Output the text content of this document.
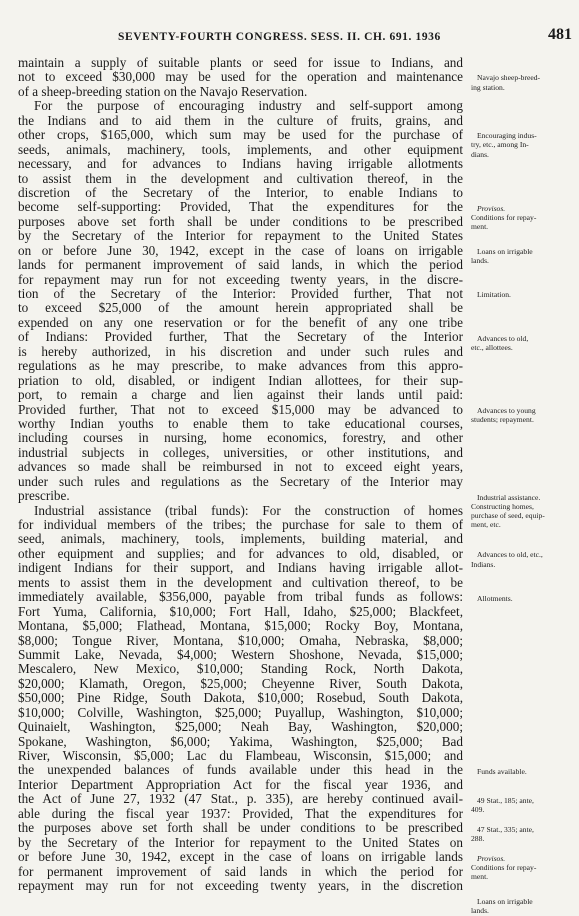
SEVENTY-FOURTH CONGRESS. SESS. II. CH. 691. 1936	481
maintain a supply of suitable plants or seed for issue to Indians, and
not to exceed $30,000 may be used for the operation and maintenance
of a sheep-breeding station on the Navajo Reservation.
For the purpose of encouraging industry and self-support among
the Indians and to aid them in the culture of fruits, grains, and
other crops, $165,000, which sum may be used for the purchase of
seeds, animals, machinery, tools, implements, and other equipment
necessary, and for advances to Indians having irrigable allotments
to assist them in the development and cultivation thereof, in the
discretion of the Secretary of the Interior, to enable Indians to
become self-supporting: Provided, That the expenditures for the
purposes above set forth shall be under conditions to be prescribed
by the Secretary of the Interior for repayment to the United States
on or before June 30, 1942, except in the case of loans on irrigable
lands for permanent improvement of said lands, in which the period
for repayment may run for not exceeding twenty years, in the discre-
tion of the Secretary of the Interior: Provided further, That not
to exceed $25,000 of the amount herein appropriated shall be
expended on any one reservation or for the benefit of any one tribe
of Indians: Provided further, That the Secretary of the Interior
is hereby authorized, in his discretion and under such rules and
regulations as he may prescribe, to make advances from this appro-
priation to old, disabled, or indigent Indian allottees, for their sup-
port, to remain a charge and lien against their lands until paid:
Provided further, That not to exceed $15,000 may be advanced to
worthy Indian youths to enable them to take educational courses,
including courses in nursing, home economics, forestry, and other
industrial subjects in colleges, universities, or other institutions, and
advances so made shall be reimbursed in not to exceed eight years,
under such rules and regulations as the Secretary of the Interior may
prescribe.
Industrial assistance (tribal funds): For the construction of homes
for individual members of the tribes; the purchase for sale to them of
seed, animals, machinery, tools, implements, building material, and
other equipment and supplies; and for advances to old, disabled, or
indigent Indians for their support, and Indians having irrigable allot-
ments to assist them in the development and cultivation thereof, to be
immediately available, $356,000, payable from tribal funds as follows:
Fort Yuma, California, $10,000; Fort Hall, Idaho, $25,000; Blackfeet,
Montana, $5,000; Flathead, Montana, $15,000; Rocky Boy, Montana,
$8,000; Tongue River, Montana, $10,000; Omaha, Nebraska, $8,000;
Summit Lake, Nevada, $4,000; Western Shoshone, Nevada, $15,000;
Mescalero, New Mexico, $10,000; Standing Rock, North Dakota,
$20,000; Klamath, Oregon, $25,000; Cheyenne River, South Dakota,
$50,000; Pine Ridge, South Dakota, $10,000; Rosebud, South Dakota,
$10,000; Colville, Washington, $25,000; Puyallup, Washington, $10,000;
Quinaielt, Washington, $25,000; Neah Bay, Washington, $20,000;
Spokane, Washington, $6,000; Yakima, Washington, $25,000; Bad
River, Wisconsin, $5,000; Lac du Flambeau, Wisconsin, $15,000; and
the unexpended balances of funds available under this head in the
Interior Department Appropriation Act for the fiscal year 1936, and
the Act of June 27, 1932 (47 Stat., p. 335), are hereby continued avail-
able during the fiscal year 1937: Provided, That the expenditures for
the purposes above set forth shall be under conditions to be prescribed
by the Secretary of the Interior for repayment to the United States on
or before June 30, 1942, except in the case of loans on irrigable lands
for permanent improvement of said lands in which the period for
repayment may run for not exceeding twenty years, in the discretion
Navajo sheep-breed-
ing station.
Encouraging indus-
try, etc., among In-
dians.
Provisos.
Conditions for repay-
ment.
Loans on irrigable
lands.
Limitation.
Advances to old,
etc., allottees.
Advances to young
students; repayment.
Industrial assistance.
Constructing homes,
purchase of seed, equip-
ment, etc.
Advances to old, etc.,
Indians.
Allotments.
Funds available.
49 Stat., 185; ante,
409.
47 Stat., 335; ante,
288.
Provisos.
Conditions for repay-
ment.
Loans on irrigable
lands.
